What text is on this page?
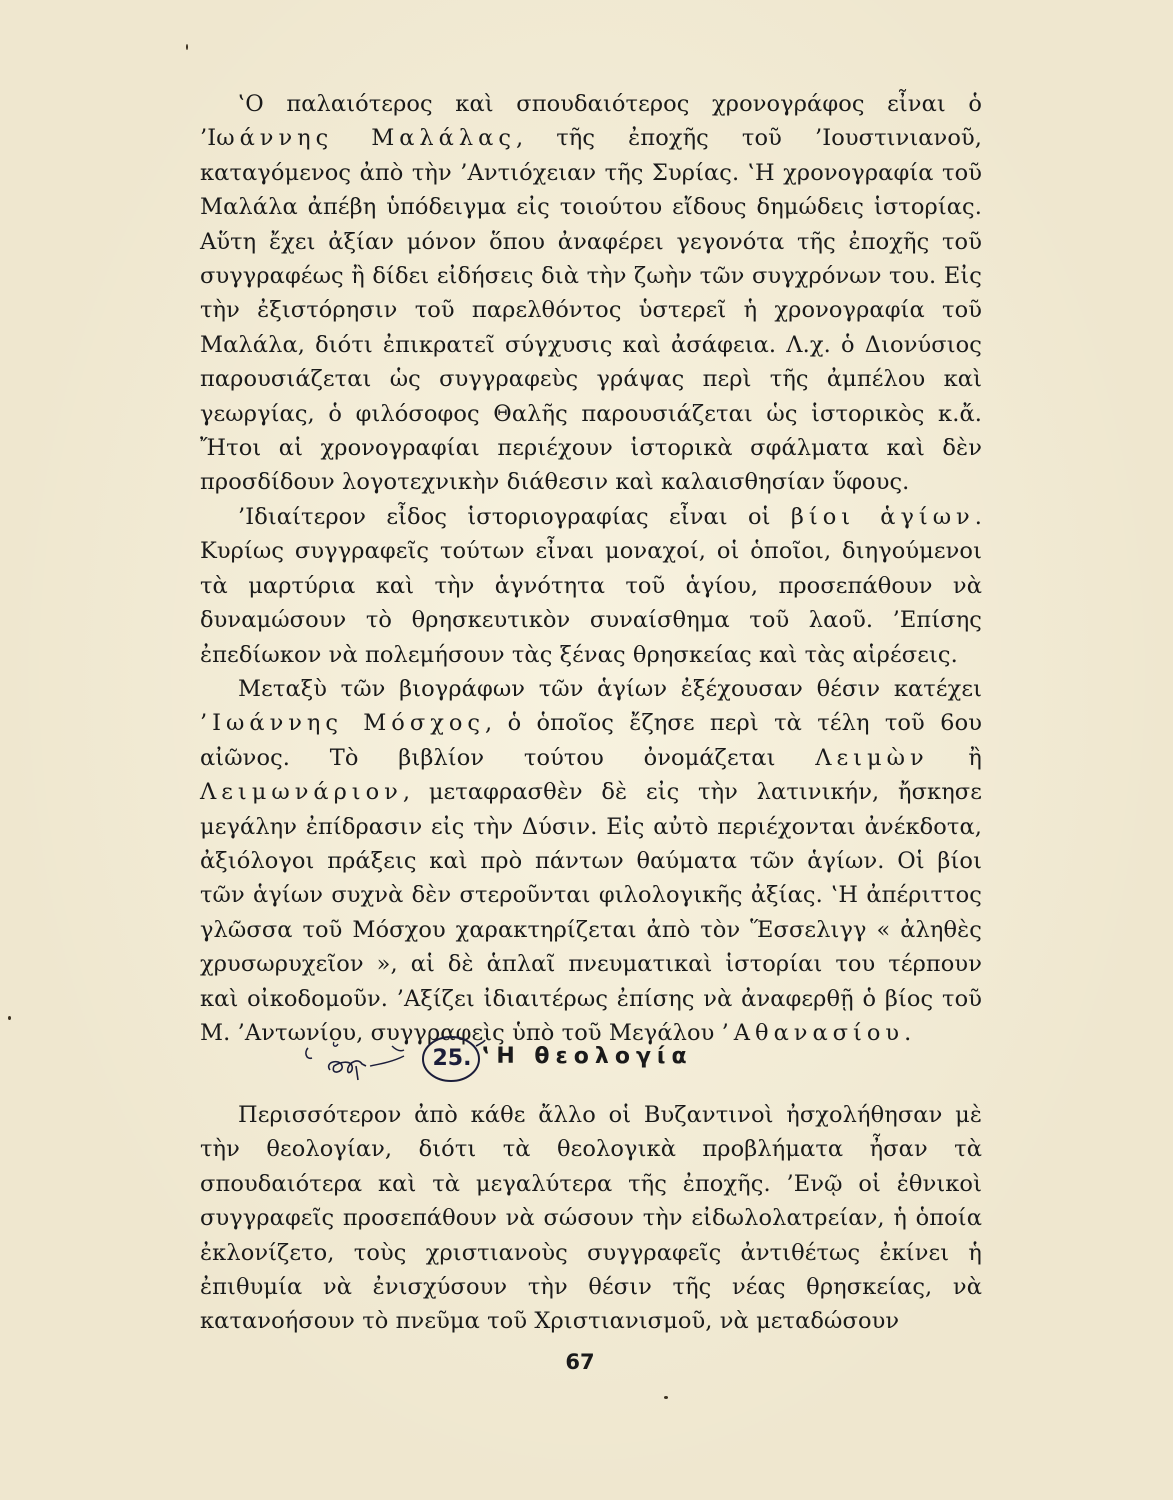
‛Ο παλαιότερος καὶ σπουδαιότερος χρονογράφος εἶναι ὁ ’Ιωάννης Μαλάλας, τῆς ἐποχῆς τοῦ ’Ιουστινιανοῦ, καταγόμενος ἀπὸ τὴν ’Αντιόχειαν τῆς Συρίας. ‛Η χρονογραφία τοῦ Μαλάλα ἀπέβη ὑπόδειγμα εἰς τοιούτου εἴδους δημώδεις ἱστορίας. Αὕτη ἔχει ἀξίαν μόνον ὅπου ἀναφέρει γεγονότα τῆς ἐποχῆς τοῦ συγγραφέως ἢ δίδει εἰδήσεις διὰ τὴν ζωὴν τῶν συγχρόνων του. Εἰς τὴν ἐξιστόρησιν τοῦ παρελθόντος ὑστερεῖ ἡ χρονογραφία τοῦ Μαλάλα, διότι ἐπικρατεῖ σύγχυσις καὶ ἀσάφεια. Λ.χ. ὁ Διονύσιος παρουσιάζεται ὡς συγγραφεὺς γράψας περὶ τῆς ἀμπέλου καὶ γεωργίας, ὁ φιλόσοφος Θαλῆς παρουσιάζεται ὡς ἱστορικὸς κ.ἄ. Ἤτοι αἱ χρονογραφίαι περιέχουν ἱστορικὰ σφάλματα καὶ δὲν προσδίδουν λογοτεχνικὴν διάθεσιν καὶ καλαισθησίαν ὕφους.

’Ιδιαίτερον εἶδος ἱστοριογραφίας εἶναι οἱ βίοι ἁγίων. Κυρίως συγγραφεῖς τούτων εἶναι μοναχοί, οἱ ὁποῖοι, διηγούμενοι τὰ μαρτύρια καὶ τὴν ἁγνότητα τοῦ ἁγίου, προσεπάθουν νὰ δυναμώσουν τὸ θρησκευτικὸν συναίσθημα τοῦ λαοῦ. ’Επίσης ἐπεδίωκον νὰ πολεμήσουν τὰς ξένας θρησκείας καὶ τὰς αἱρέσεις.

Μεταξὺ τῶν βιογράφων τῶν ἁγίων ἐξέχουσαν θέσιν κατέχει ’Ιωάννης Μόσχος, ὁ ὁποῖος ἔζησε περὶ τὰ τέλη τοῦ 6ου αἰῶνος. Τὸ βιβλίον τούτου ὀνομάζεται Λειμὼν ἢ Λειμωνάριον, μεταφρασθὲν δὲ εἰς τὴν λατινικήν, ἤσκησε μεγάλην ἐπίδρασιν εἰς τὴν Δύσιν. Εἰς αὐτὸ περιέχονται ἀνέκδοτα, ἀξιόλογοι πράξεις καὶ πρὸ πάντων θαύματα τῶν ἁγίων. Οἱ βίοι τῶν ἁγίων συχνὰ δὲν στεροῦνται φιλολογικῆς ἀξίας. ‛Η ἀπέριττος γλῶσσα τοῦ Μόσχου χαρακτηρίζεται ἀπὸ τὸν Ἕσσελιγγ « ἀληθὲς χρυσωρυχεῖον », αἱ δὲ ἁπλαῖ πνευματικαὶ ἱστορίαι του τέρπουν καὶ οἰκοδομοῦν. ’Αξίζει ἰδιαιτέρως ἐπίσης νὰ ἀναφερθῇ ὁ βίος τοῦ Μ. ’Αντωνίου, συγγραφεὶς ὑπὸ τοῦ Μεγάλου ’Αθανασίου.

25. ‛Η θεολογία

Περισσότερον ἀπὸ κάθε ἄλλο οἱ Βυζαντινοὶ ἠσχολήθησαν μὲ τὴν θεολογίαν, διότι τὰ θεολογικὰ προβλήματα ἦσαν τὰ σπουδαιότερα καὶ τὰ μεγαλύτερα τῆς ἐποχῆς. ’Ενῷ οἱ ἐθνικοὶ συγγραφεῖς προσεπάθουν νὰ σώσουν τὴν εἰδωλολατρείαν, ἡ ὁποία ἐκλονίζετο, τοὺς χριστιανοὺς συγγραφεῖς ἀντιθέτως ἐκίνει ἡ ἐπιθυμία νὰ ἐνισχύσουν τὴν θέσιν τῆς νέας θρησκείας, νὰ κατανοήσουν τὸ πνεῦμα τοῦ Χριστιανισμοῦ, νὰ μεταδώσουν

67
